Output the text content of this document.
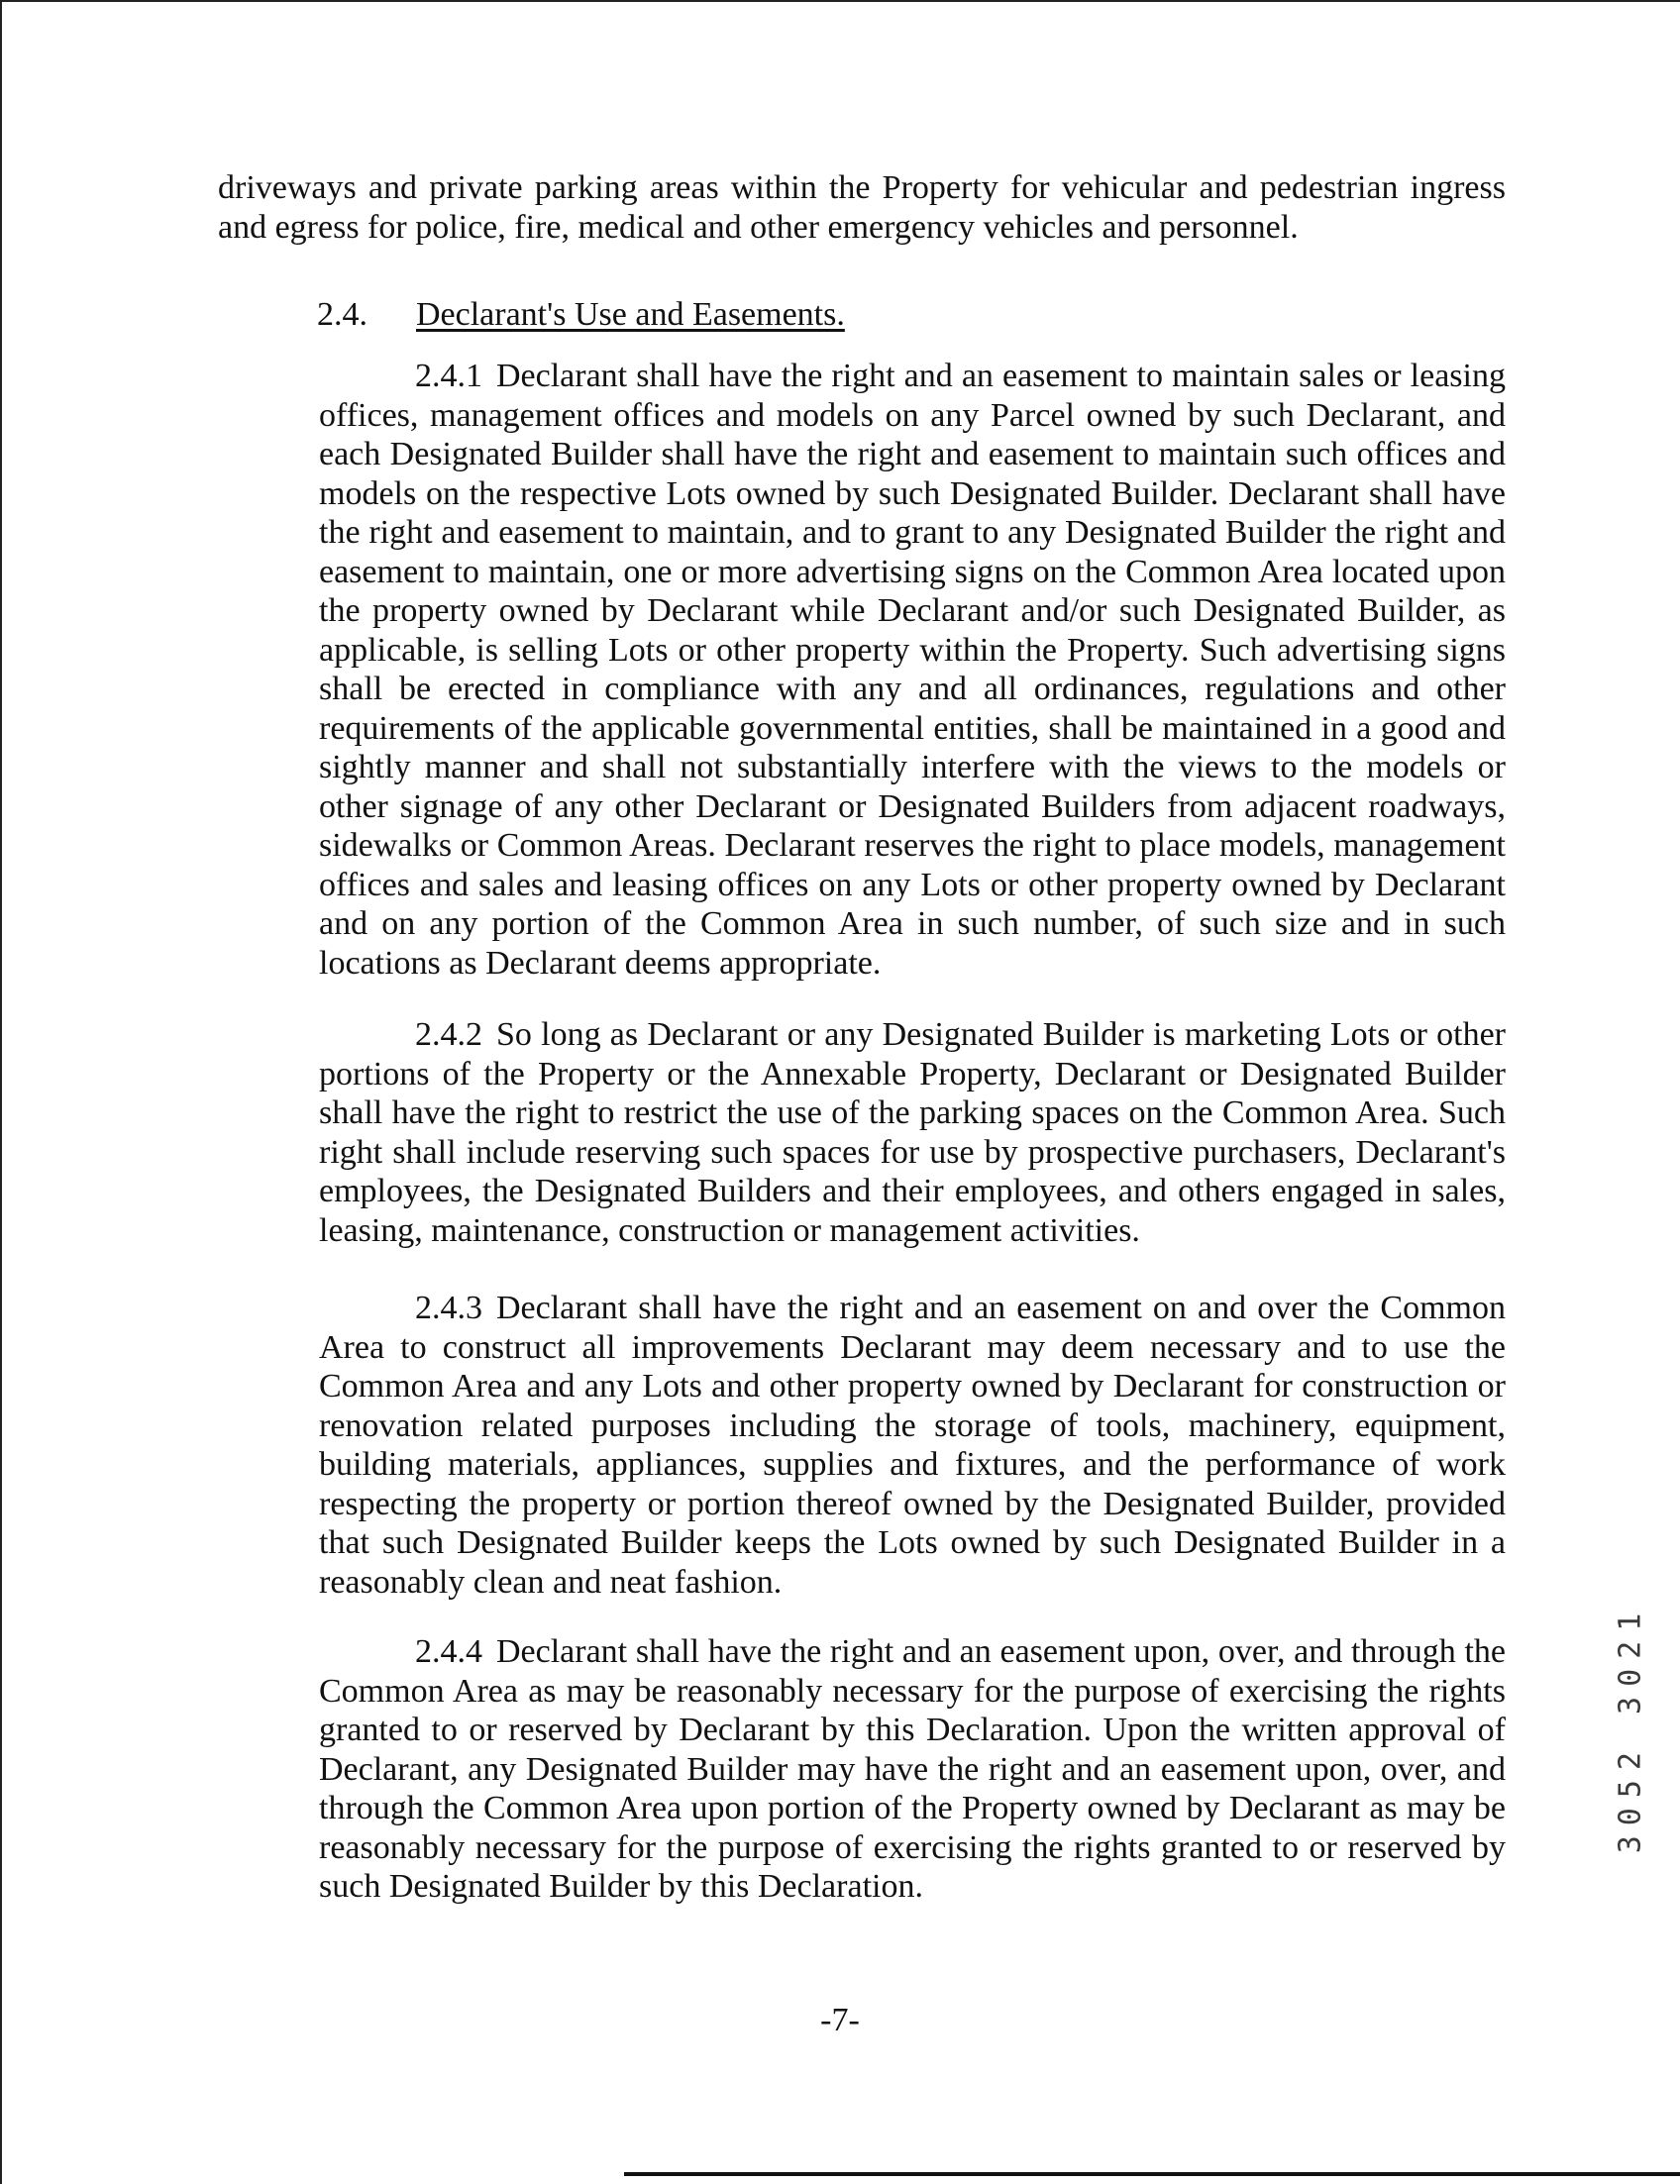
driveways and private parking areas within the Property for vehicular and pedestrian ingress and egress for police, fire, medical and other emergency vehicles and personnel.

2.4. Declarant's Use and Easements.

2.4.1 Declarant shall have the right and an easement to maintain sales or leasing offices, management offices and models on any Parcel owned by such Declarant, and each Designated Builder shall have the right and easement to maintain such offices and models on the respective Lots owned by such Designated Builder. Declarant shall have the right and easement to maintain, and to grant to any Designated Builder the right and easement to maintain, one or more advertising signs on the Common Area located upon the property owned by Declarant while Declarant and/or such Designated Builder, as applicable, is selling Lots or other property within the Property. Such advertising signs shall be erected in compliance with any and all ordinances, regulations and other requirements of the applicable governmental entities, shall be maintained in a good and sightly manner and shall not substantially interfere with the views to the models or other signage of any other Declarant or Designated Builders from adjacent roadways, sidewalks or Common Areas. Declarant reserves the right to place models, management offices and sales and leasing offices on any Lots or other property owned by Declarant and on any portion of the Common Area in such number, of such size and in such locations as Declarant deems appropriate.

2.4.2 So long as Declarant or any Designated Builder is marketing Lots or other portions of the Property or the Annexable Property, Declarant or Designated Builder shall have the right to restrict the use of the parking spaces on the Common Area. Such right shall include reserving such spaces for use by prospective purchasers, Declarant's employees, the Designated Builders and their employees, and others engaged in sales, leasing, maintenance, construction or management activities.

2.4.3 Declarant shall have the right and an easement on and over the Common Area to construct all improvements Declarant may deem necessary and to use the Common Area and any Lots and other property owned by Declarant for construction or renovation related purposes including the storage of tools, machinery, equipment, building materials, appliances, supplies and fixtures, and the performance of work respecting the property or portion thereof owned by the Designated Builder, provided that such Designated Builder keeps the Lots owned by such Designated Builder in a reasonably clean and neat fashion.

2.4.4 Declarant shall have the right and an easement upon, over, and through the Common Area as may be reasonably necessary for the purpose of exercising the rights granted to or reserved by Declarant by this Declaration. Upon the written approval of Declarant, any Designated Builder may have the right and an easement upon, over, and through the Common Area upon portion of the Property owned by Declarant as may be reasonably necessary for the purpose of exercising the rights granted to or reserved by such Designated Builder by this Declaration.

3052 3021
-7-
